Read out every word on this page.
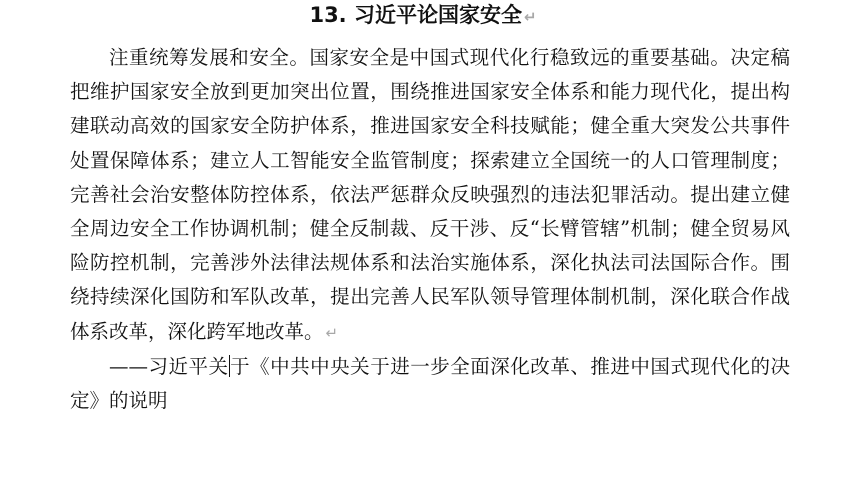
13. 习近平论国家安全 ↵

注重统筹发展和安全。国家安全是中国式现代化行稳致远的重要基础。决定稿把维护国家安全放到更加突出位置，围绕推进国家安全体系和能力现代化，提出构建联动高效的国家安全防护体系，推进国家安全科技赋能；健全重大突发公共事件处置保障体系；建立人工智能安全监管制度；探索建立全国统一的人口管理制度；完善社会治安整体防控体系，依法严惩群众反映强烈的违法犯罪活动。提出建立健全周边安全工作协调机制；健全反制裁、反干涉、反“长臂管辖”机制；健全贸易风险防控机制，完善涉外法律法规体系和法治实施体系，深化执法司法国际合作。围绕持续深化国防和军队改革，提出完善人民军队领导管理体制机制，深化联合作战体系改革，深化跨军地改革。 ↵

——习近平关于《中共中央关于进一步全面深化改革、推进中国式现代化的决定》的说明
